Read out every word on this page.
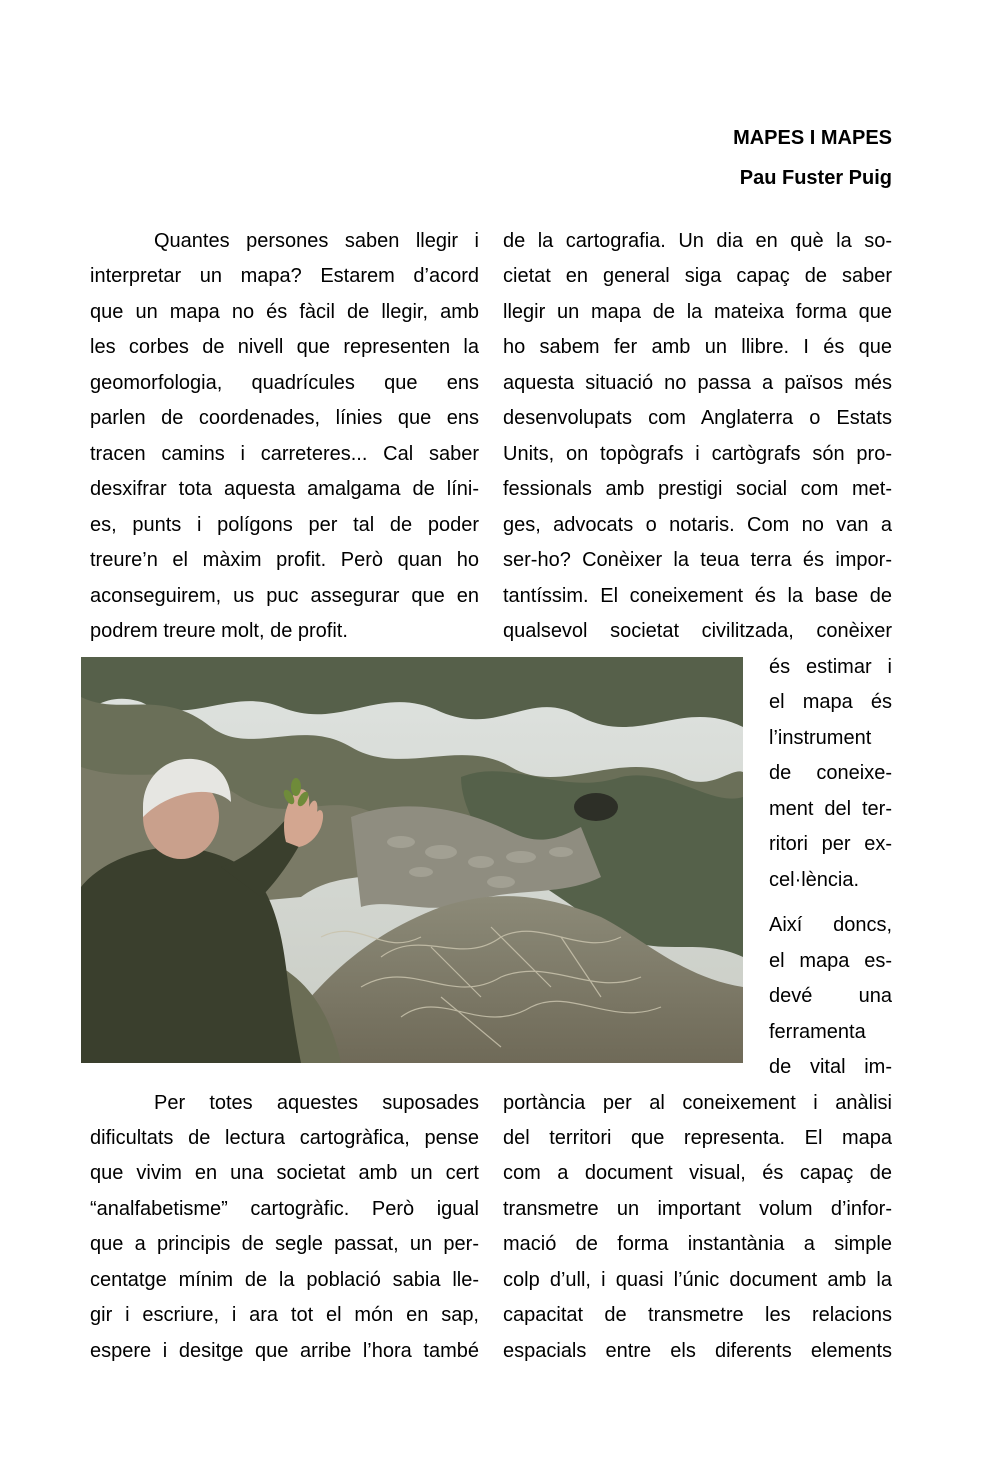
MAPES I MAPES
Pau Fuster Puig
Quantes persones saben llegir i
interpretar un mapa? Estarem d’acord
que un mapa no és fàcil de llegir, amb
les corbes de nivell que representen la
geomorfologia, quadrícules que ens
parlen de coordenades, línies que ens
tracen camins i carreteres... Cal saber
desxifrar tota aquesta amalgama de líni-
es, punts i polígons per tal de poder
treure’n el màxim profit. Però quan ho
aconseguirem, us puc assegurar que en
podrem treure molt, de profit.
de la cartografia. Un dia en què la so-
cietat en general siga capaç de saber
llegir un mapa de la mateixa forma que
ho sabem fer amb un llibre. I és que
aquesta situació no passa a països més
desenvolupats com Anglaterra o Estats
Units, on topògrafs i cartògrafs són pro-
fessionals amb prestigi social com met-
ges, advocats o notaris. Com no van a
ser-ho? Conèixer la teua terra és impor-
tantíssim. El coneixement és la base de
qualsevol societat civilitzada, conèixer
és estimar i
el mapa és
l’instrument
de coneixe-
ment del ter-
ritori per ex-
cel·lència.
Així doncs,
el mapa es-
devé una
ferramenta
de vital im-
Per totes aquestes suposades
dificultats de lectura cartogràfica, pense
que vivim en una societat amb un cert
“analfabetisme” cartogràfic. Però igual
que a principis de segle passat, un per-
centatge mínim de la població sabia lle-
gir i escriure, i ara tot el món en sap,
espere i desitge que arribe l’hora també
portància per al coneixement i anàlisi
del territori que representa. El mapa
com a document visual, és capaç de
transmetre un important volum d’infor-
mació de forma instantània a simple
colp d’ull, i quasi l’únic document amb la
capacitat de transmetre les relacions
espacials entre els diferents elements
